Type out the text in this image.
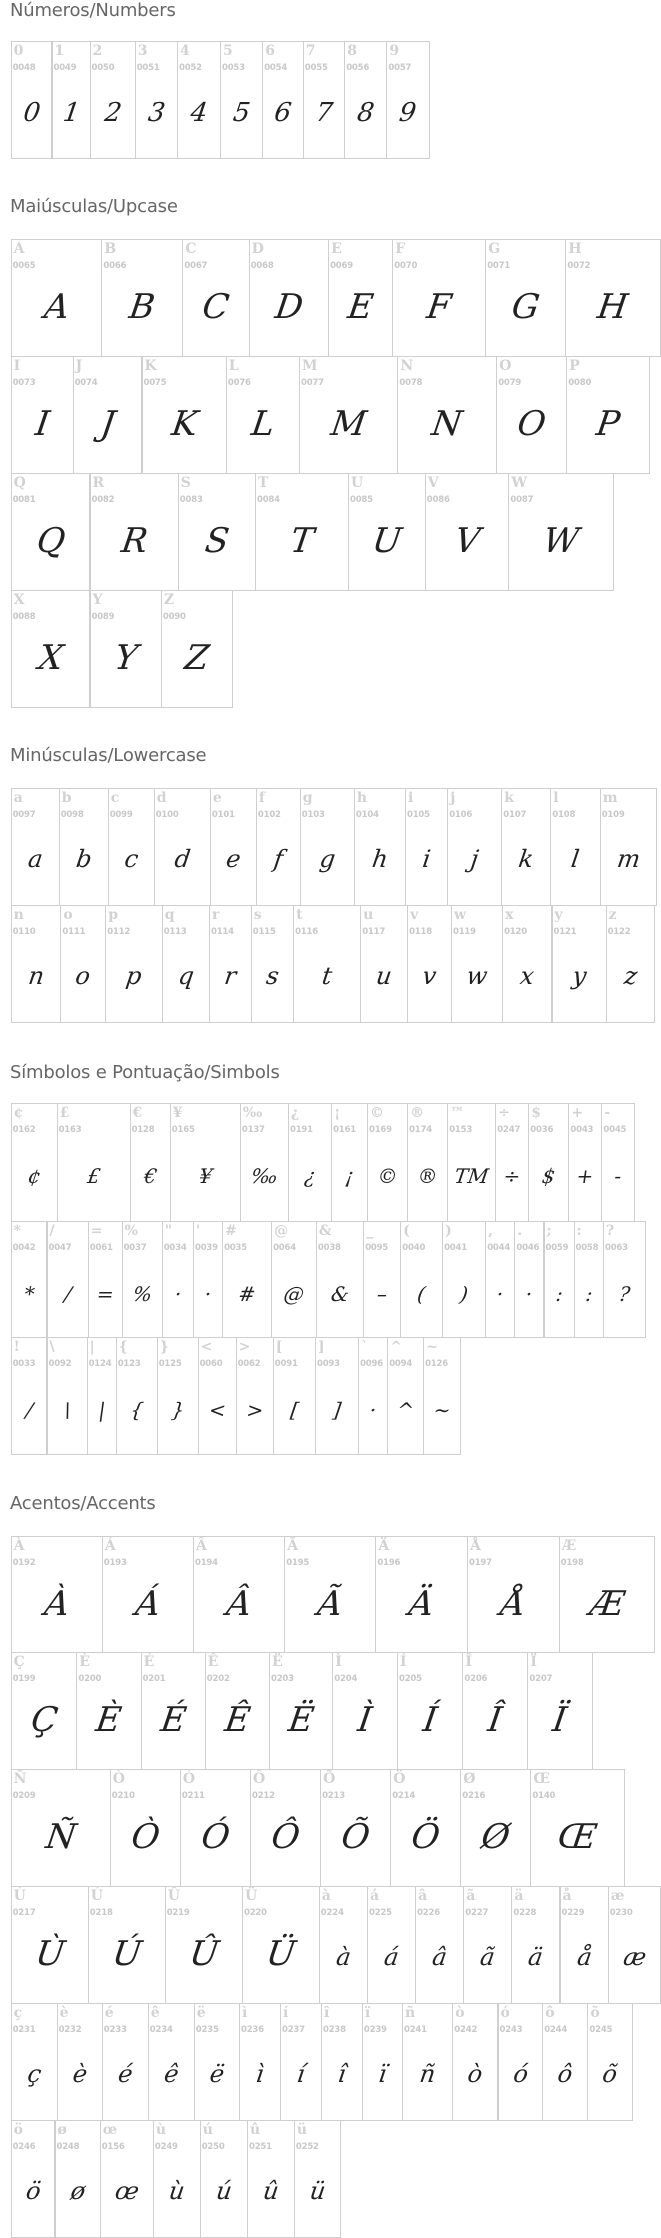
Números/Numbers
0
0048
0
1
0049
1
2
0050
2
3
0051
3
4
0052
4
5
0053
5
6
0054
6
7
0055
7
8
0056
8
9
0057
9
Maiúsculas/Upcase
A
0065
A
B
0066
B
C
0067
C
D
0068
D
E
0069
E
F
0070
F
G
0071
G
H
0072
H
I
0073
I
J
0074
J
K
0075
K
L
0076
L
M
0077
M
N
0078
N
O
0079
O
P
0080
P
Q
0081
Q
R
0082
R
S
0083
S
T
0084
T
U
0085
U
V
0086
V
W
0087
W
X
0088
X
Y
0089
Y
Z
0090
Z
Minúsculas/Lowercase
a
0097
a
b
0098
b
c
0099
c
d
0100
d
e
0101
e
f
0102
f
g
0103
g
h
0104
h
i
0105
i
j
0106
j
k
0107
k
l
0108
l
m
0109
m
n
0110
n
o
0111
o
p
0112
p
q
0113
q
r
0114
r
s
0115
s
t
0116
t
u
0117
u
v
0118
v
w
0119
w
x
0120
x
y
0121
y
z
0122
z
Símbolos e Pontuação/Simbols
¢
0162
¢
£
0163
£
€
0128
€
¥
0165
¥
‰
0137
‰
¿
0191
¿
¡
0161
¡
©
0169
©
®
0174
®
™
0153
TM
÷
0247
÷
$
0036
$
+
0043
+
-
0045
-
*
0042
*
/
0047
/
=
0061
=
%
0037
%
"
0034
·
'
0039
·
#
0035
#
@
0064
@
&
0038
&
_
0095
–
(
0040
(
)
0041
)
,
0044
·
.
0046
·
;
0059
:
:
0058
:
?
0063
?
!
0033
/
\
0092
\
|
0124
|
{
0123
{
}
0125
}
<
0060
<
>
0062
>
[
0091
[
]
0093
]
`
0096
·
^
0094
^
~
0126
~
Acentos/Accents
À
0192
À
Á
0193
Á
Â
0194
Â
Ã
0195
Ã
Ä
0196
Ä
Å
0197
Å
Æ
0198
Æ
Ç
0199
Ç
È
0200
È
É
0201
É
Ê
0202
Ê
Ë
0203
Ë
Ì
0204
Ì
Í
0205
Í
Î
0206
Î
Ï
0207
Ï
Ñ
0209
Ñ
Ò
0210
Ò
Ó
0211
Ó
Ô
0212
Ô
Õ
0213
Õ
Ö
0214
Ö
Ø
0216
Ø
Œ
0140
Œ
Ù
0217
Ù
Ú
0218
Ú
Û
0219
Û
Ü
0220
Ü
à
0224
à
á
0225
á
â
0226
â
ã
0227
ã
ä
0228
ä
å
0229
å
æ
0230
æ
ç
0231
ç
è
0232
è
é
0233
é
ê
0234
ê
ë
0235
ë
ì
0236
ì
í
0237
í
î
0238
î
ï
0239
ï
ñ
0241
ñ
ò
0242
ò
ó
0243
ó
ô
0244
ô
õ
0245
õ
ö
0246
ö
ø
0248
ø
œ
0156
œ
ù
0249
ù
ú
0250
ú
û
0251
û
ü
0252
ü
